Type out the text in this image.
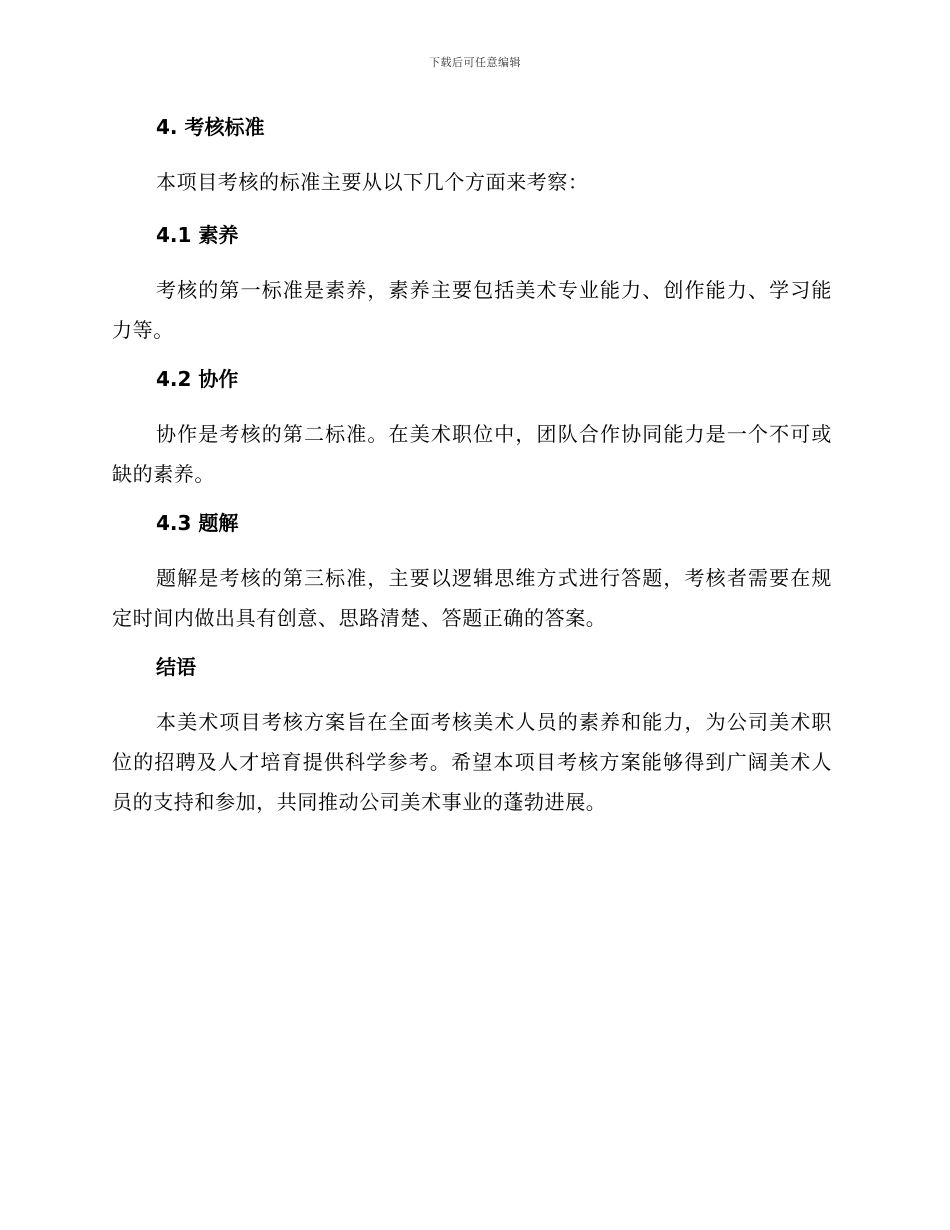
下载后可任意编辑
4. 考核标准
本项目考核的标准主要从以下几个方面来考察：
4.1 素养
考核的第一标准是素养，素养主要包括美术专业能力、创作能力、学习能力等。
4.2 协作
协作是考核的第二标准。在美术职位中，团队合作协同能力是一个不可或缺的素养。
4.3 题解
题解是考核的第三标准，主要以逻辑思维方式进行答题，考核者需要在规定时间内做出具有创意、思路清楚、答题正确的答案。
结语
本美术项目考核方案旨在全面考核美术人员的素养和能力，为公司美术职位的招聘及人才培育提供科学参考。希望本项目考核方案能够得到广阔美术人员的支持和参加，共同推动公司美术事业的蓬勃进展。
